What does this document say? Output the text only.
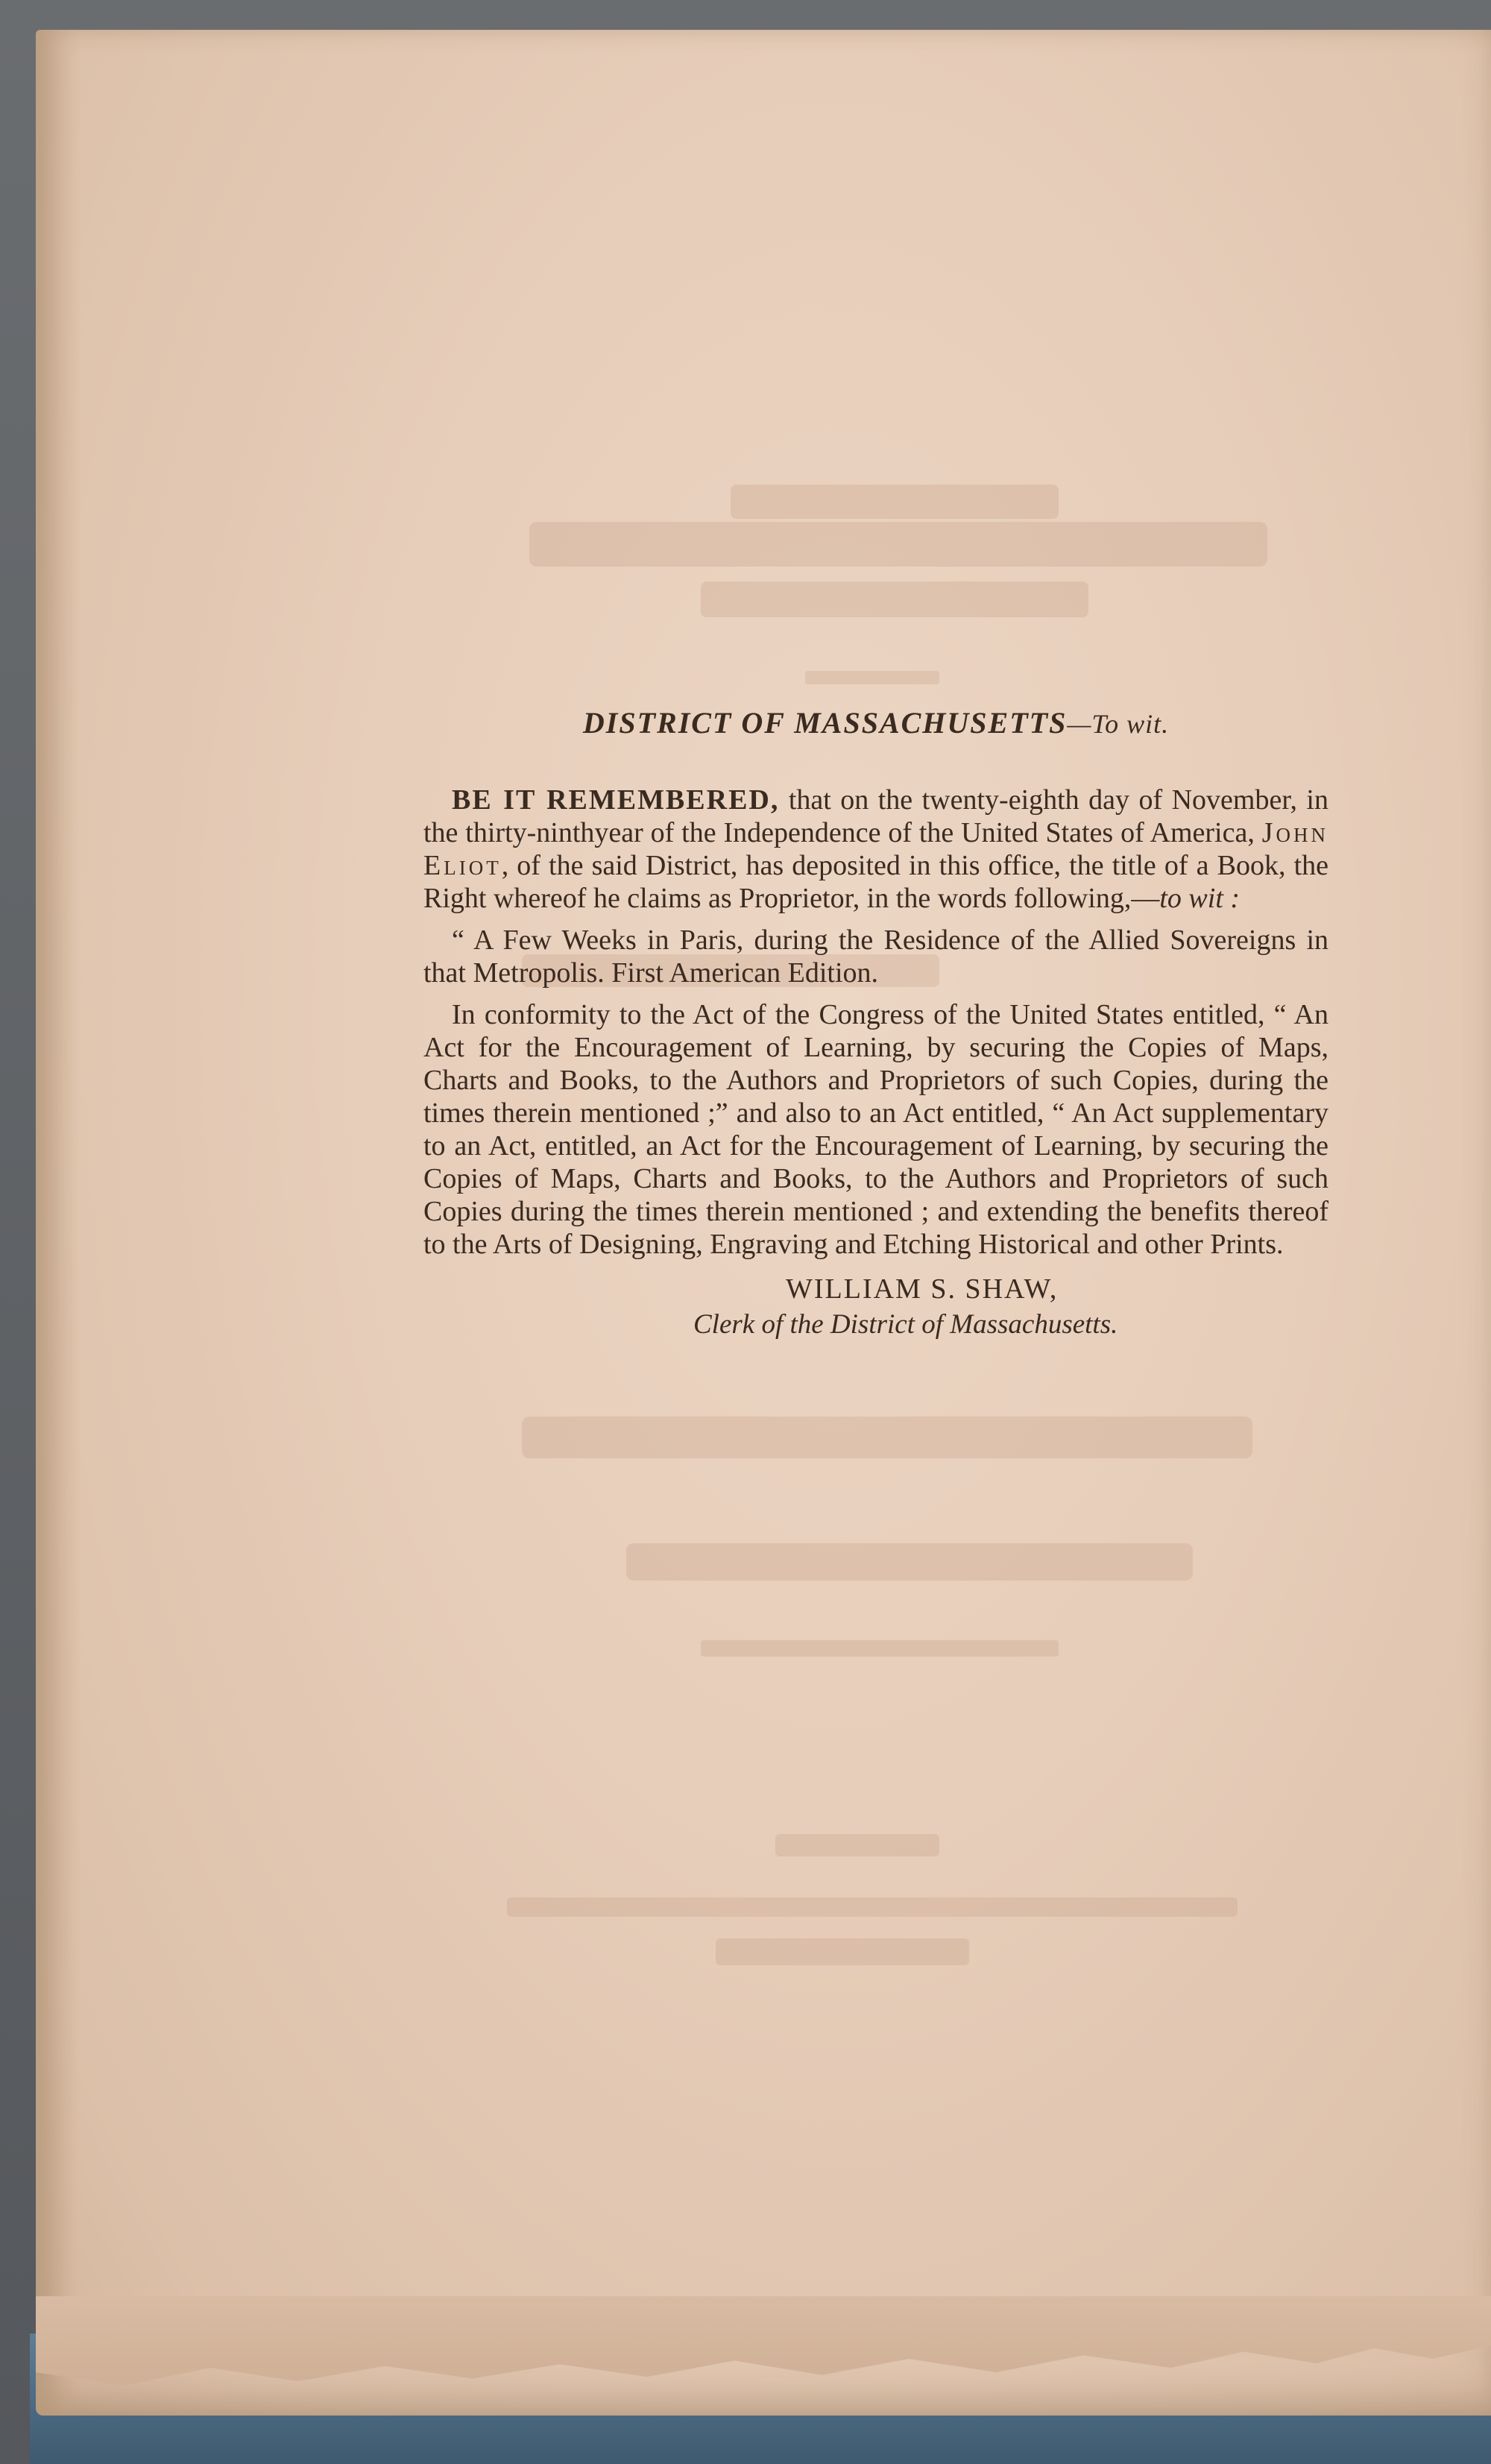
DISTRICT OF MASSACHUSETTS—To wit.

BE IT REMEMBERED, that on the twenty-eighth day of November, in the thirty-ninthyear of the Independence of the United States of America, John Eliot, of the said District, has deposited in this office, the title of a Book, the Right whereof he claims as Proprietor, in the words following,—to wit :

“ A Few Weeks in Paris, during the Residence of the Allied Sovereigns in that Metropolis. First American Edition.

In conformity to the Act of the Congress of the United States entitled, “ An Act for the Encouragement of Learning, by securing the Copies of Maps, Charts and Books, to the Authors and Proprietors of such Copies, during the times therein mentioned ;” and also to an Act entitled, “ An Act supplementary to an Act, entitled, an Act for the Encouragement of Learning, by securing the Copies of Maps, Charts and Books, to the Authors and Proprietors of such Copies during the times therein mentioned ; and extending the benefits thereof to the Arts of Designing, Engraving and Etching Historical and other Prints.

WILLIAM S. SHAW,
Clerk of the District of Massachusetts.
